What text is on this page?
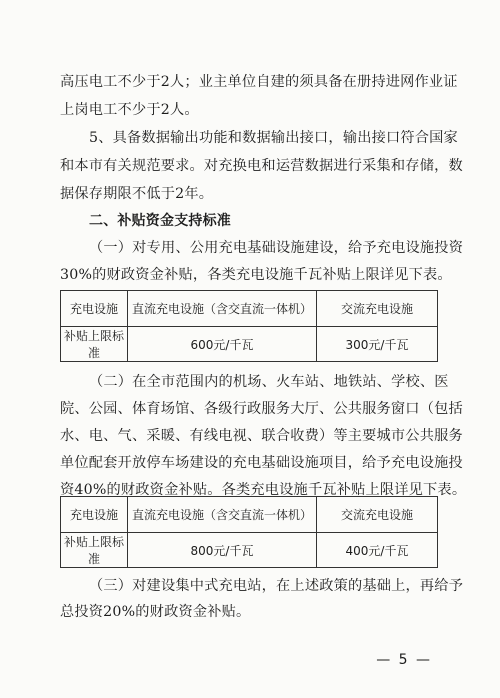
高压电工不少于2人；业主单位自建的须具备在册持进网作业证
上岗电工不少于2人。
5、具备数据输出功能和数据输出接口，输出接口符合国家
和本市有关规范要求。对充换电和运营数据进行采集和存储，数
据保存期限不低于2年。
二、补贴资金支持标准
（一）对专用、公用充电基础设施建设，给予充电设施投资
30%的财政资金补贴，各类充电设施千瓦补贴上限详见下表。
充电设施	直流充电设施（含交直流一体机）	交流充电设施
补贴上限标准	600元/千瓦	300元/千瓦
（二）在全市范围内的机场、火车站、地铁站、学校、医
院、公园、体育场馆、各级行政服务大厅、公共服务窗口（包括
水、电、气、采暖、有线电视、联合收费）等主要城市公共服务
单位配套开放停车场建设的充电基础设施项目，给予充电设施投
资40%的财政资金补贴。各类充电设施千瓦补贴上限详见下表。
充电设施	直流充电设施（含交直流一体机）	交流充电设施
补贴上限标准	800元/千瓦	400元/千瓦
（三）对建设集中式充电站，在上述政策的基础上，再给予
总投资20%的财政资金补贴。
— 5 —
